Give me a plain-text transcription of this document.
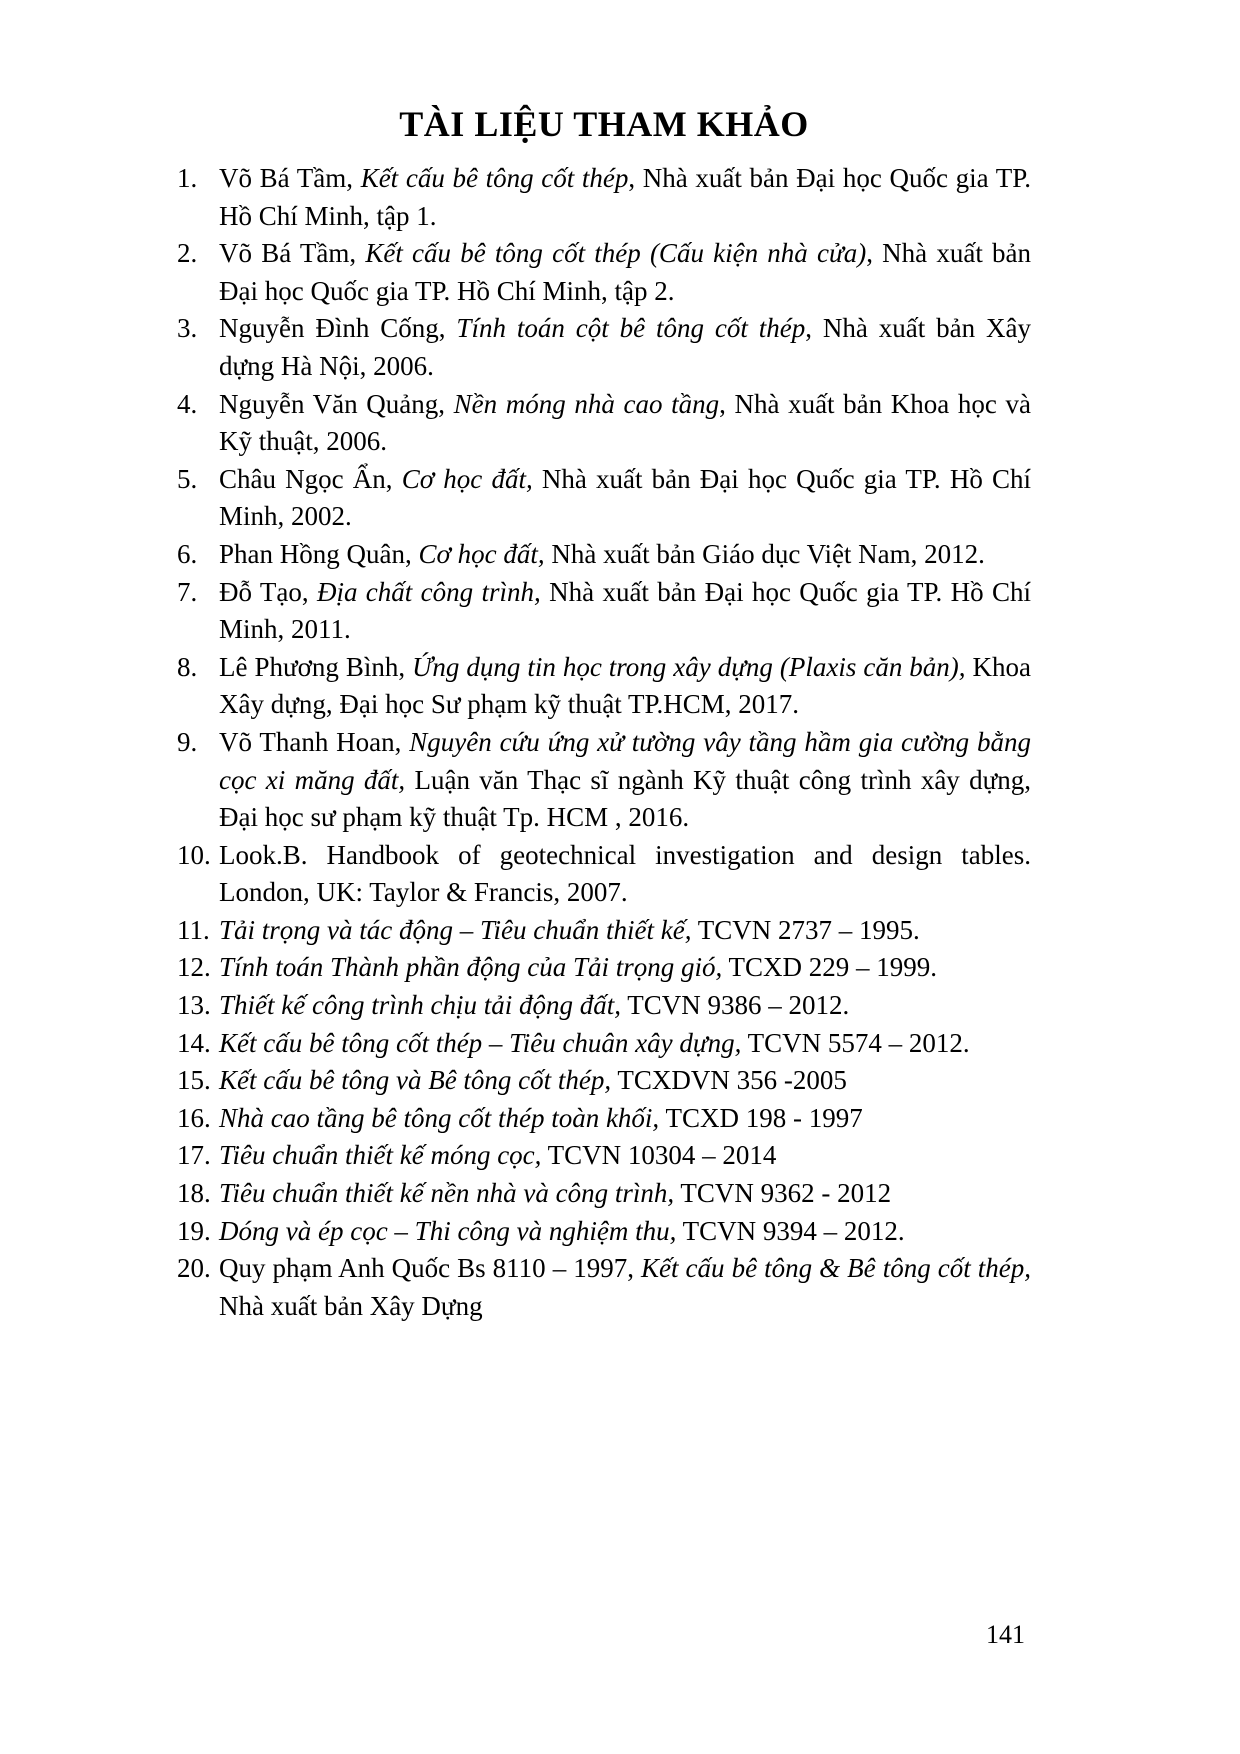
TÀI LIỆU THAM KHẢO
1. Võ Bá Tầm, Kết cấu bê tông cốt thép, Nhà xuất bản Đại học Quốc gia TP. Hồ Chí Minh, tập 1.
2. Võ Bá Tầm, Kết cấu bê tông cốt thép (Cấu kiện nhà cửa), Nhà xuất bản Đại học Quốc gia TP. Hồ Chí Minh, tập 2.
3. Nguyễn Đình Cống, Tính toán cột bê tông cốt thép, Nhà xuất bản Xây dựng Hà Nội, 2006.
4. Nguyễn Văn Quảng, Nền móng nhà cao tầng, Nhà xuất bản Khoa học và Kỹ thuật, 2006.
5. Châu Ngọc Ẩn, Cơ học đất, Nhà xuất bản Đại học Quốc gia TP. Hồ Chí Minh, 2002.
6. Phan Hồng Quân, Cơ học đất, Nhà xuất bản Giáo dục Việt Nam, 2012.
7. Đỗ Tạo, Địa chất công trình, Nhà xuất bản Đại học Quốc gia TP. Hồ Chí Minh, 2011.
8. Lê Phương Bình, Ứng dụng tin học trong xây dựng (Plaxis căn bản), Khoa Xây dựng, Đại học Sư phạm kỹ thuật TP.HCM, 2017.
9. Võ Thanh Hoan, Nguyên cứu ứng xử tường vây tầng hầm gia cường bằng cọc xi măng đất, Luận văn Thạc sĩ ngành Kỹ thuật công trình xây dựng, Đại học sư phạm kỹ thuật Tp. HCM , 2016.
10. Look.B. Handbook of geotechnical investigation and design tables. London, UK: Taylor & Francis, 2007.
11. Tải trọng và tác động – Tiêu chuẩn thiết kế, TCVN 2737 – 1995.
12. Tính toán Thành phần động của Tải trọng gió, TCXD 229 – 1999.
13. Thiết kế công trình chịu tải động đất, TCVN 9386 – 2012.
14. Kết cấu bê tông cốt thép – Tiêu chuân xây dựng, TCVN 5574 – 2012.
15. Kết cấu bê tông và Bê tông cốt thép, TCXDVN 356 -2005
16. Nhà cao tầng bê tông cốt thép toàn khối, TCXD 198 - 1997
17. Tiêu chuẩn thiết kế móng cọc, TCVN 10304 – 2014
18. Tiêu chuẩn thiết kế nền nhà và công trình, TCVN 9362 - 2012
19. Dóng và ép cọc – Thi công và nghiệm thu, TCVN 9394 – 2012.
20. Quy phạm Anh Quốc Bs 8110 – 1997, Kết cấu bê tông & Bê tông cốt thép, Nhà xuất bản Xây Dựng
141
